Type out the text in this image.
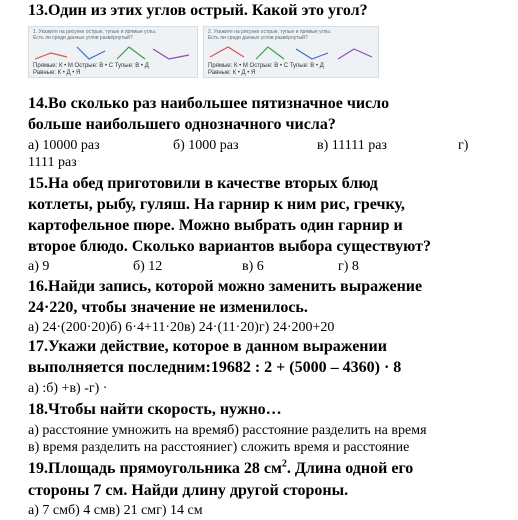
13.Один из этих углов острый. Какой это угол?
1. Укажите на рисунке острые, тупые и прямые углы.
Есть ли среди данных углов развёрнутый?
Прямые: К • М Острые: В • С Тупые: В • Д
Равные: К • Д • Я
2. Укажите на рисунке острые, тупые и прямые углы.
Есть ли среди данных углов развёрнутый?
Прямые: К • М Острые: В • С Тупые: В • Д
Равные: К • Д • Я
14.Во сколько раз наибольшее пятизначное число
больше наибольшего однозначного числа?
а) 10000 раз	б) 1000 раз	в) 11111 раз	г)
1111 раз
15.На обед приготовили в качестве вторых блюд
котлеты, рыбу, гуляш. На гарнир к ним рис, гречку,
картофельное пюре. Можно выбрать один гарнир и
второе блюдо. Сколько вариантов выбора существуют?
а) 9	б) 12	в) 6	г) 8
16.Найди запись, которой можно заменить выражение
24·220, чтобы значение не изменилось.
а) 24·(200·20)б) 6·4+11·20в) 24·(11·20)г) 24·200+20
17.Укажи действие, которое в данном выражении
выполняется последним:19682 : 2 + (5000 – 4360) · 8
а) :б) +в) -г) ·
18.Чтобы найти скорость, нужно…
а) расстояние умножить на времяб) расстояние разделить на время
в) время разделить на расстояниег) сложить время и расстояние
19.Площадь прямоугольника 28 $см^2$. Длина одной его
стороны 7 см. Найди длину другой стороны.
а) 7 смб) 4 смв) 21 смг) 14 см
